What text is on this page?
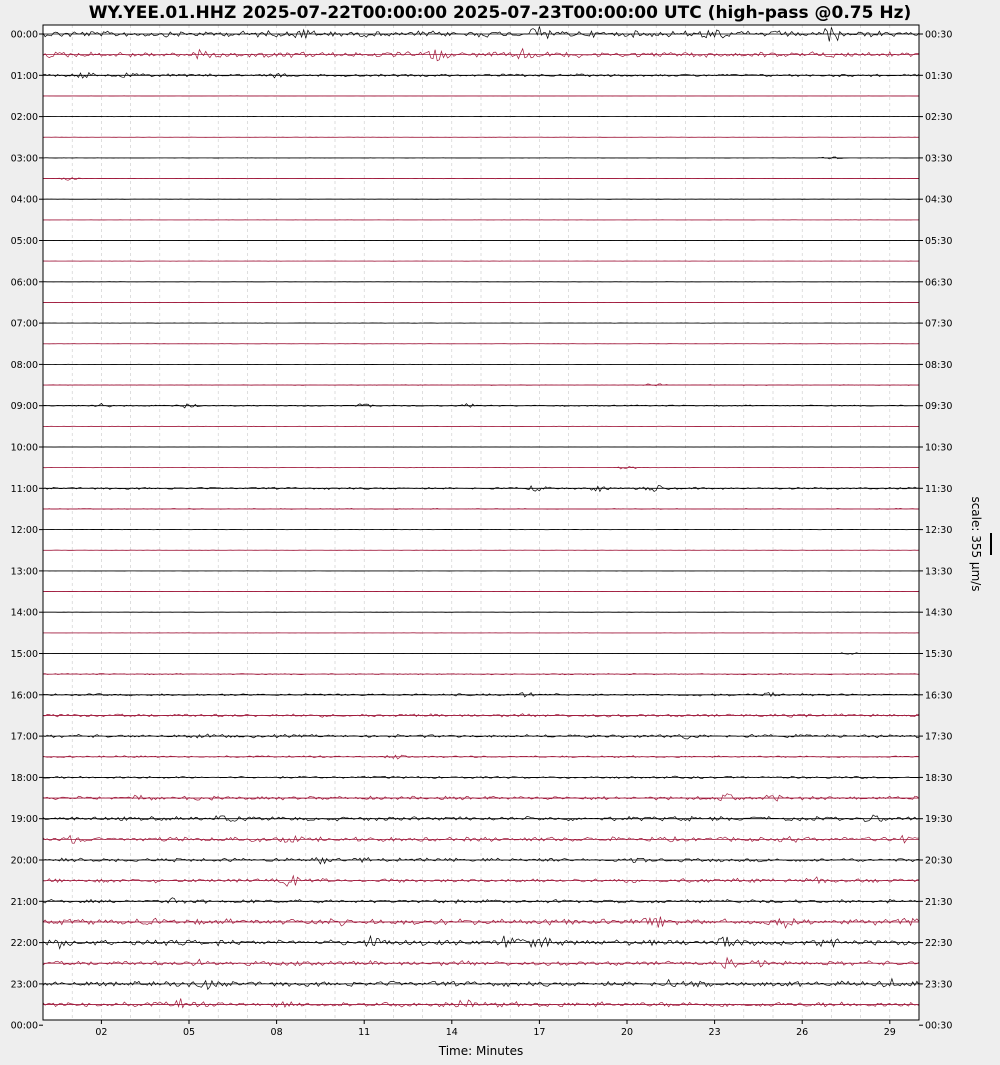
WY.YEE.01.HHZ 2025-07-22T00:00:00 2025-07-23T00:00:00 UTC (high-pass @0.75 Hz)
02	05	08	11	14	17	20	23	26	29
00:00
01:00
02:00
03:00
04:00
05:00
06:00
07:00
08:00
09:00
10:00
11:00
12:00
13:00
14:00
15:00
16:00
17:00
18:00
19:00
20:00
21:00
22:00
23:00
00:00
00:30
01:30
02:30
03:30
04:30
05:30
06:30
07:30
08:30
09:30
10:30
11:30
12:30
13:30
14:30
15:30
16:30
17:30
18:30
19:30
20:30
21:30
22:30
23:30
00:30
Time: Minutes
scale: 355 µm/s
